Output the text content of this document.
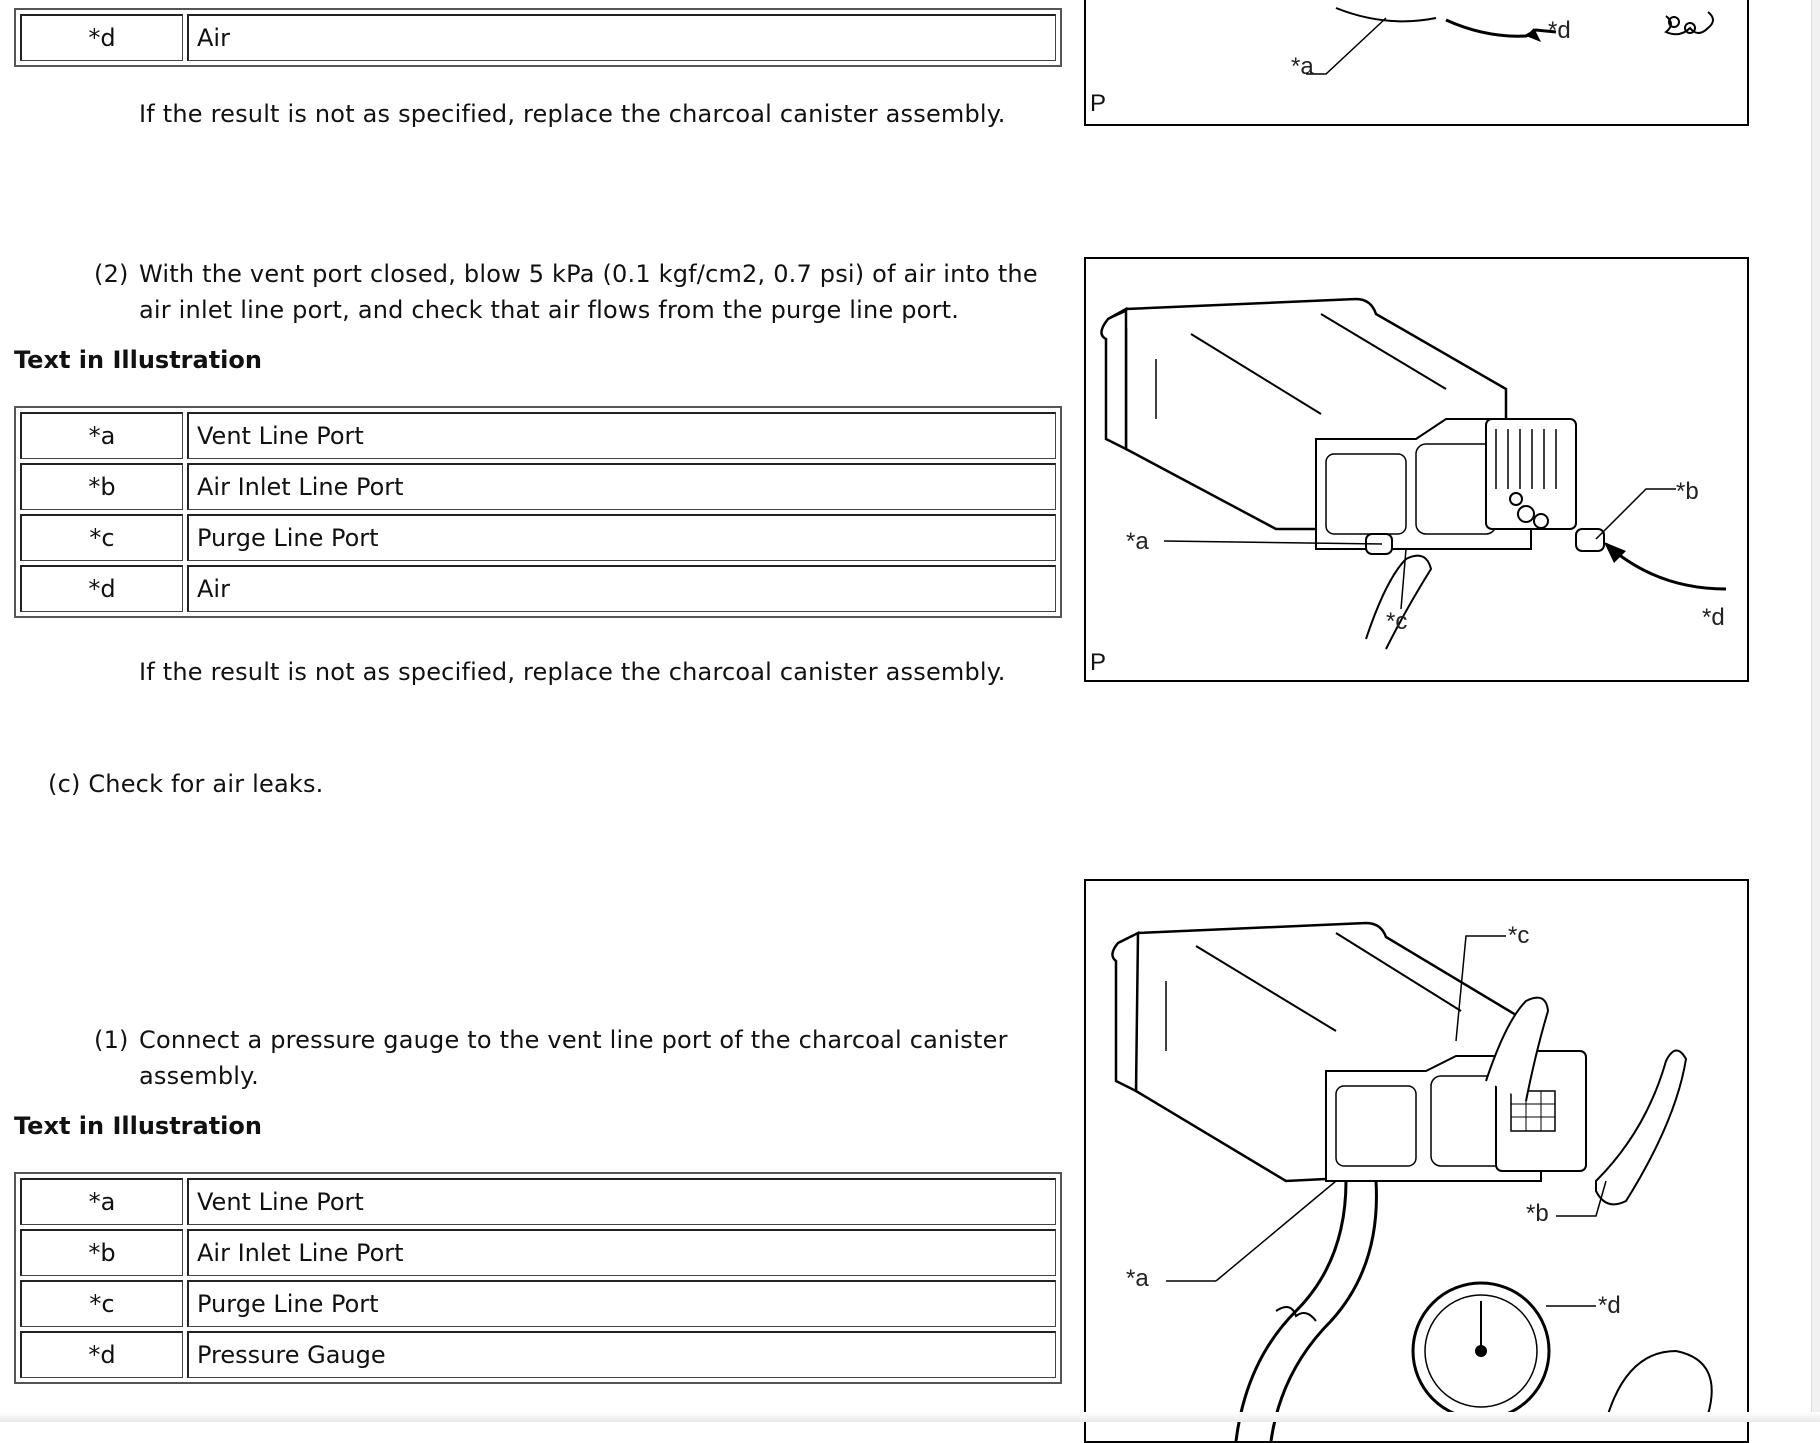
*d	Air
If the result is not as specified, replace the charcoal canister assembly.
*a
*d
P
(2) With the vent port closed, blow 5 kPa (0.1 kgf/cm2, 0.7 psi) of air into the
air inlet line port, and check that air flows from the purge line port.
Text in Illustration
*a	Vent Line Port
*b	Air Inlet Line Port
*c	Purge Line Port
*d	Air
If the result is not as specified, replace the charcoal canister assembly.
*a
*b
*c	*d
P
(c) Check for air leaks.
(1) Connect a pressure gauge to the vent line port of the charcoal canister
assembly.
Text in Illustration
*a	Vent Line Port
*b	Air Inlet Line Port
*c	Purge Line Port
*d	Pressure Gauge
*a
*b
*c
*d
